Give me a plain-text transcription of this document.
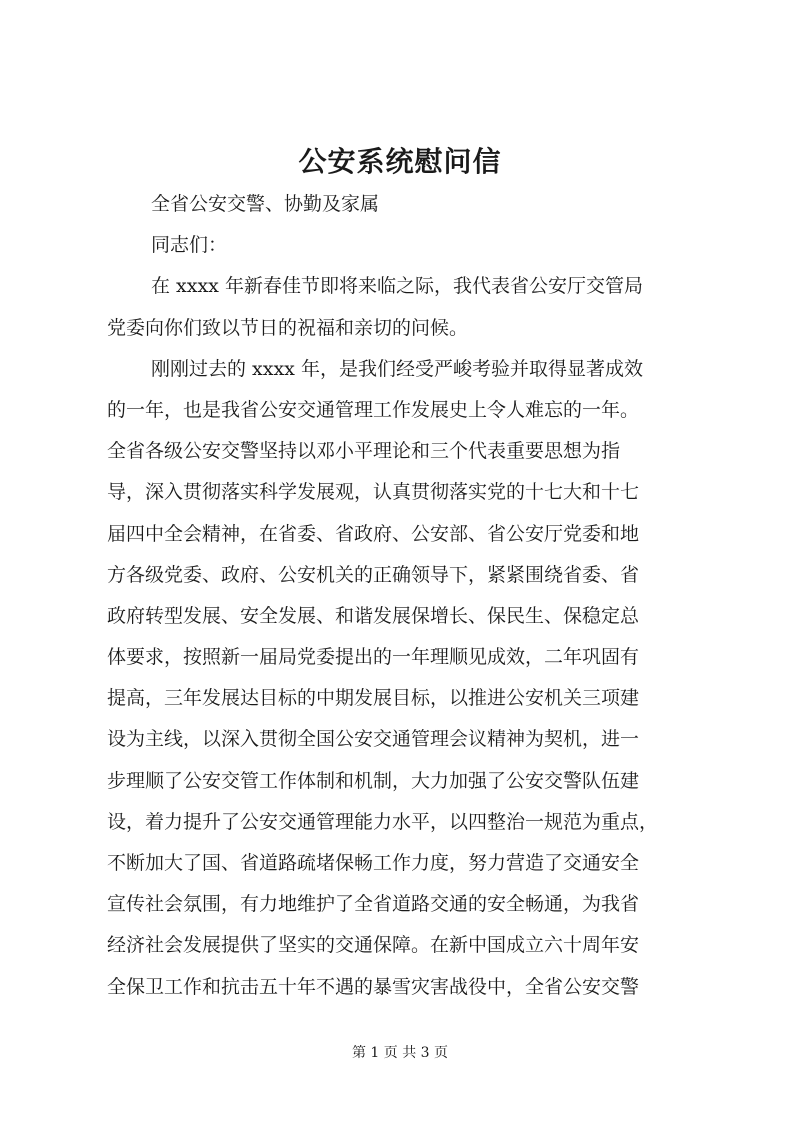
公安系统慰问信
全省公安交警、协勤及家属
同志们：
在 xxxx 年新春佳节即将来临之际，我代表省公安厅交管局
党委向你们致以节日的祝福和亲切的问候。
刚刚过去的 xxxx 年，是我们经受严峻考验并取得显著成效
的一年，也是我省公安交通管理工作发展史上令人难忘的一年。
全省各级公安交警坚持以邓小平理论和三个代表重要思想为指
导，深入贯彻落实科学发展观，认真贯彻落实党的十七大和十七
届四中全会精神，在省委、省政府、公安部、省公安厅党委和地
方各级党委、政府、公安机关的正确领导下，紧紧围绕省委、省
政府转型发展、安全发展、和谐发展保增长、保民生、保稳定总
体要求，按照新一届局党委提出的一年理顺见成效，二年巩固有
提高，三年发展达目标的中期发展目标，以推进公安机关三项建
设为主线，以深入贯彻全国公安交通管理会议精神为契机，进一
步理顺了公安交管工作体制和机制，大力加强了公安交警队伍建
设，着力提升了公安交通管理能力水平，以四整治一规范为重点，
不断加大了国、省道路疏堵保畅工作力度，努力营造了交通安全
宣传社会氛围，有力地维护了全省道路交通的安全畅通，为我省
经济社会发展提供了坚实的交通保障。在新中国成立六十周年安
全保卫工作和抗击五十年不遇的暴雪灾害战役中，全省公安交警
第 1 页 共 3 页
